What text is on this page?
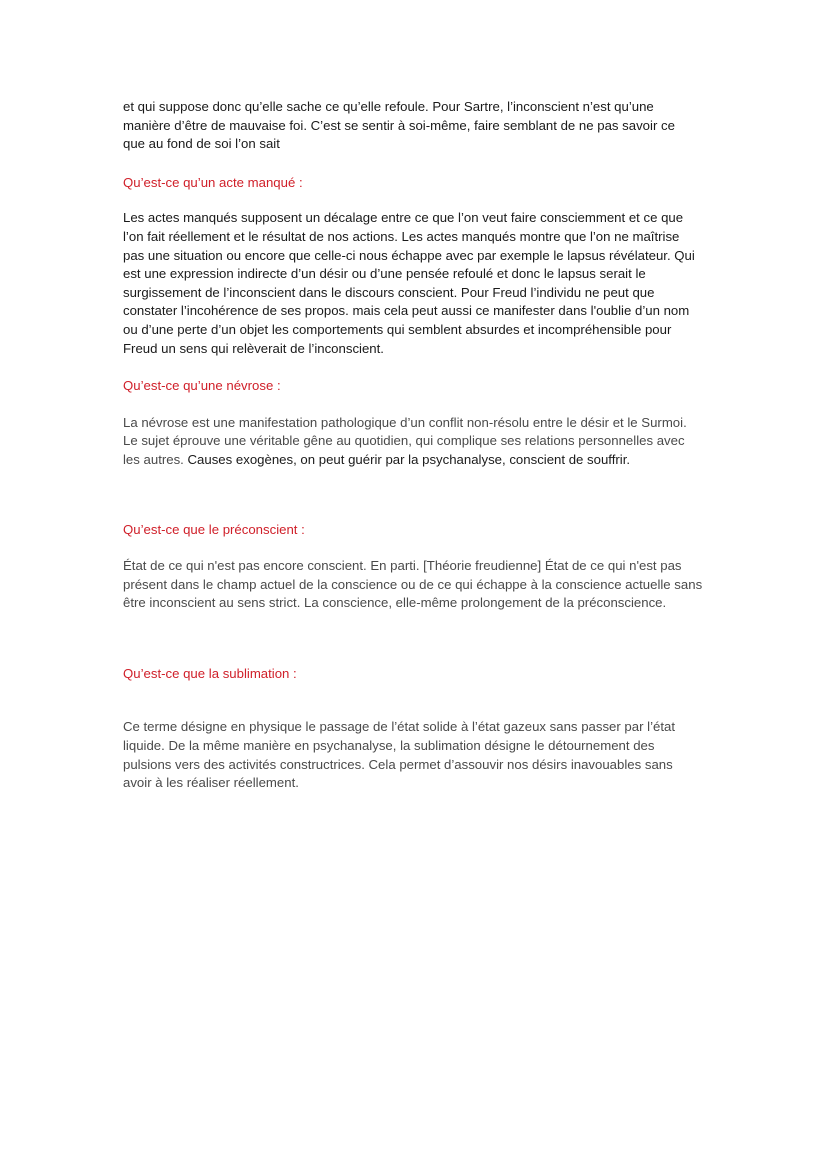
et qui suppose donc qu’elle sache ce qu’elle refoule. Pour Sartre, l’inconscient n’est qu’une
manière d’être de mauvaise foi. C’est se sentir à soi-même, faire semblant de ne pas savoir ce
que au fond de soi l’on sait

Qu’est-ce qu’un acte manqué :

Les actes manqués supposent un décalage entre ce que l’on veut faire consciemment et ce que
l’on fait réellement et le résultat de nos actions. Les actes manqués montre que l’on ne maîtrise
pas une situation ou encore que celle-ci nous échappe avec par exemple le lapsus révélateur. Qui
est une expression indirecte d’un désir ou d’une pensée refoulé et donc le lapsus serait le
surgissement de l’inconscient dans le discours conscient. Pour Freud l’individu ne peut que
constater l’incohérence de ses propos. mais cela peut aussi ce manifester dans l'oublie d’un nom
ou d’une perte d’un objet les comportements qui semblent absurdes et incompréhensible pour
Freud un sens qui relèverait de l’inconscient.

Qu’est-ce qu’une névrose :

La névrose est une manifestation pathologique d’un conflit non-résolu entre le désir et le Surmoi.
Le sujet éprouve une véritable gêne au quotidien, qui complique ses relations personnelles avec
les autres. Causes exogènes, on peut guérir par la psychanalyse, conscient de souffrir.

Qu’est-ce que le préconscient :

État de ce qui n'est pas encore conscient. En parti. [Théorie freudienne] État de ce qui n'est pas
présent dans le champ actuel de la conscience ou de ce qui échappe à la conscience actuelle sans
être inconscient au sens strict. La conscience, elle-même prolongement de la préconscience.

Qu’est-ce que la sublimation :

Ce terme désigne en physique le passage de l’état solide à l’état gazeux sans passer par l’état
liquide. De la même manière en psychanalyse, la sublimation désigne le détournement des
pulsions vers des activités constructrices. Cela permet d’assouvir nos désirs inavouables sans
avoir à les réaliser réellement.
